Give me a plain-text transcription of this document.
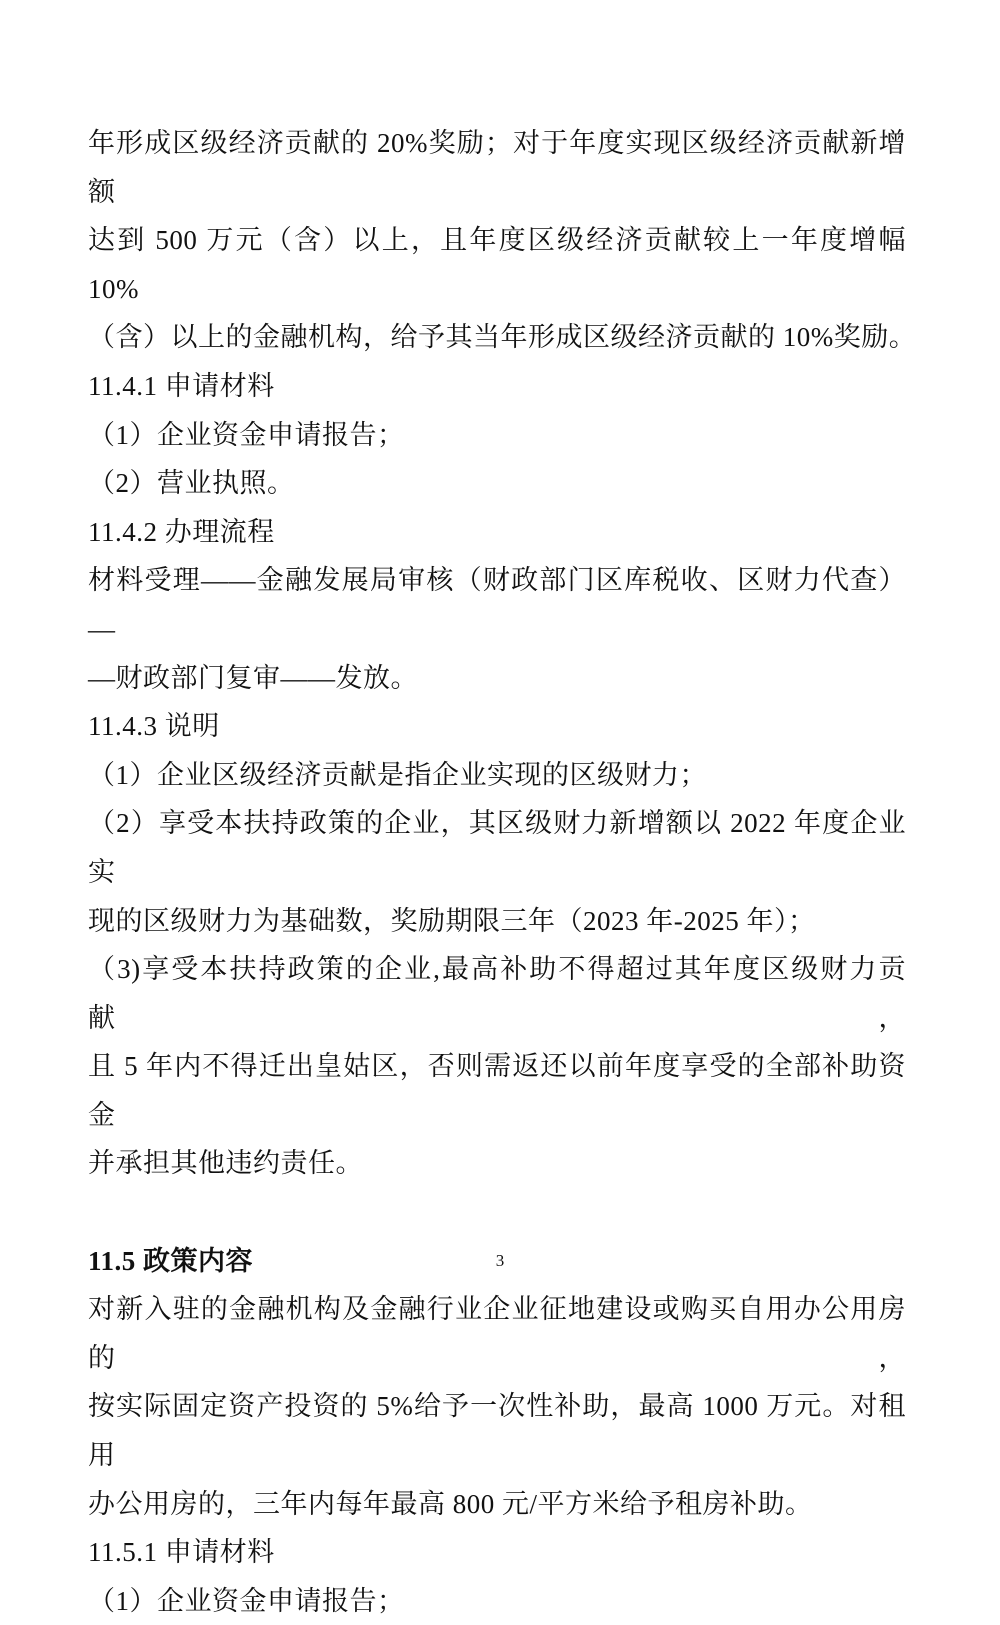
年形成区级经济贡献的 20%奖励；对于年度实现区级经济贡献新增额
达到 500 万元（含）以上，且年度区级经济贡献较上一年度增幅 10%
（含）以上的金融机构，给予其当年形成区级经济贡献的 10%奖励。
11.4.1 申请材料
（1）企业资金申请报告；
（2）营业执照。
11.4.2 办理流程
材料受理——金融发展局审核（财政部门区库税收、区财力代查）—
—财政部门复审——发放。
11.4.3 说明
（1）企业区级经济贡献是指企业实现的区级财力；
（2）享受本扶持政策的企业，其区级财力新增额以 2022 年度企业实
现的区级财力为基础数，奖励期限三年（2023 年-2025 年）；
（3)享受本扶持政策的企业,最高补助不得超过其年度区级财力贡献，
且 5 年内不得迁出皇姑区，否则需返还以前年度享受的全部补助资金
并承担其他违约责任。
11.5 政策内容
对新入驻的金融机构及金融行业企业征地建设或购买自用办公用房的，
按实际固定资产投资的 5%给予一次性补助，最高 1000 万元。对租用
办公用房的，三年内每年最高 800 元/平方米给予租房补助。
11.5.1 申请材料
（1）企业资金申请报告；
3
